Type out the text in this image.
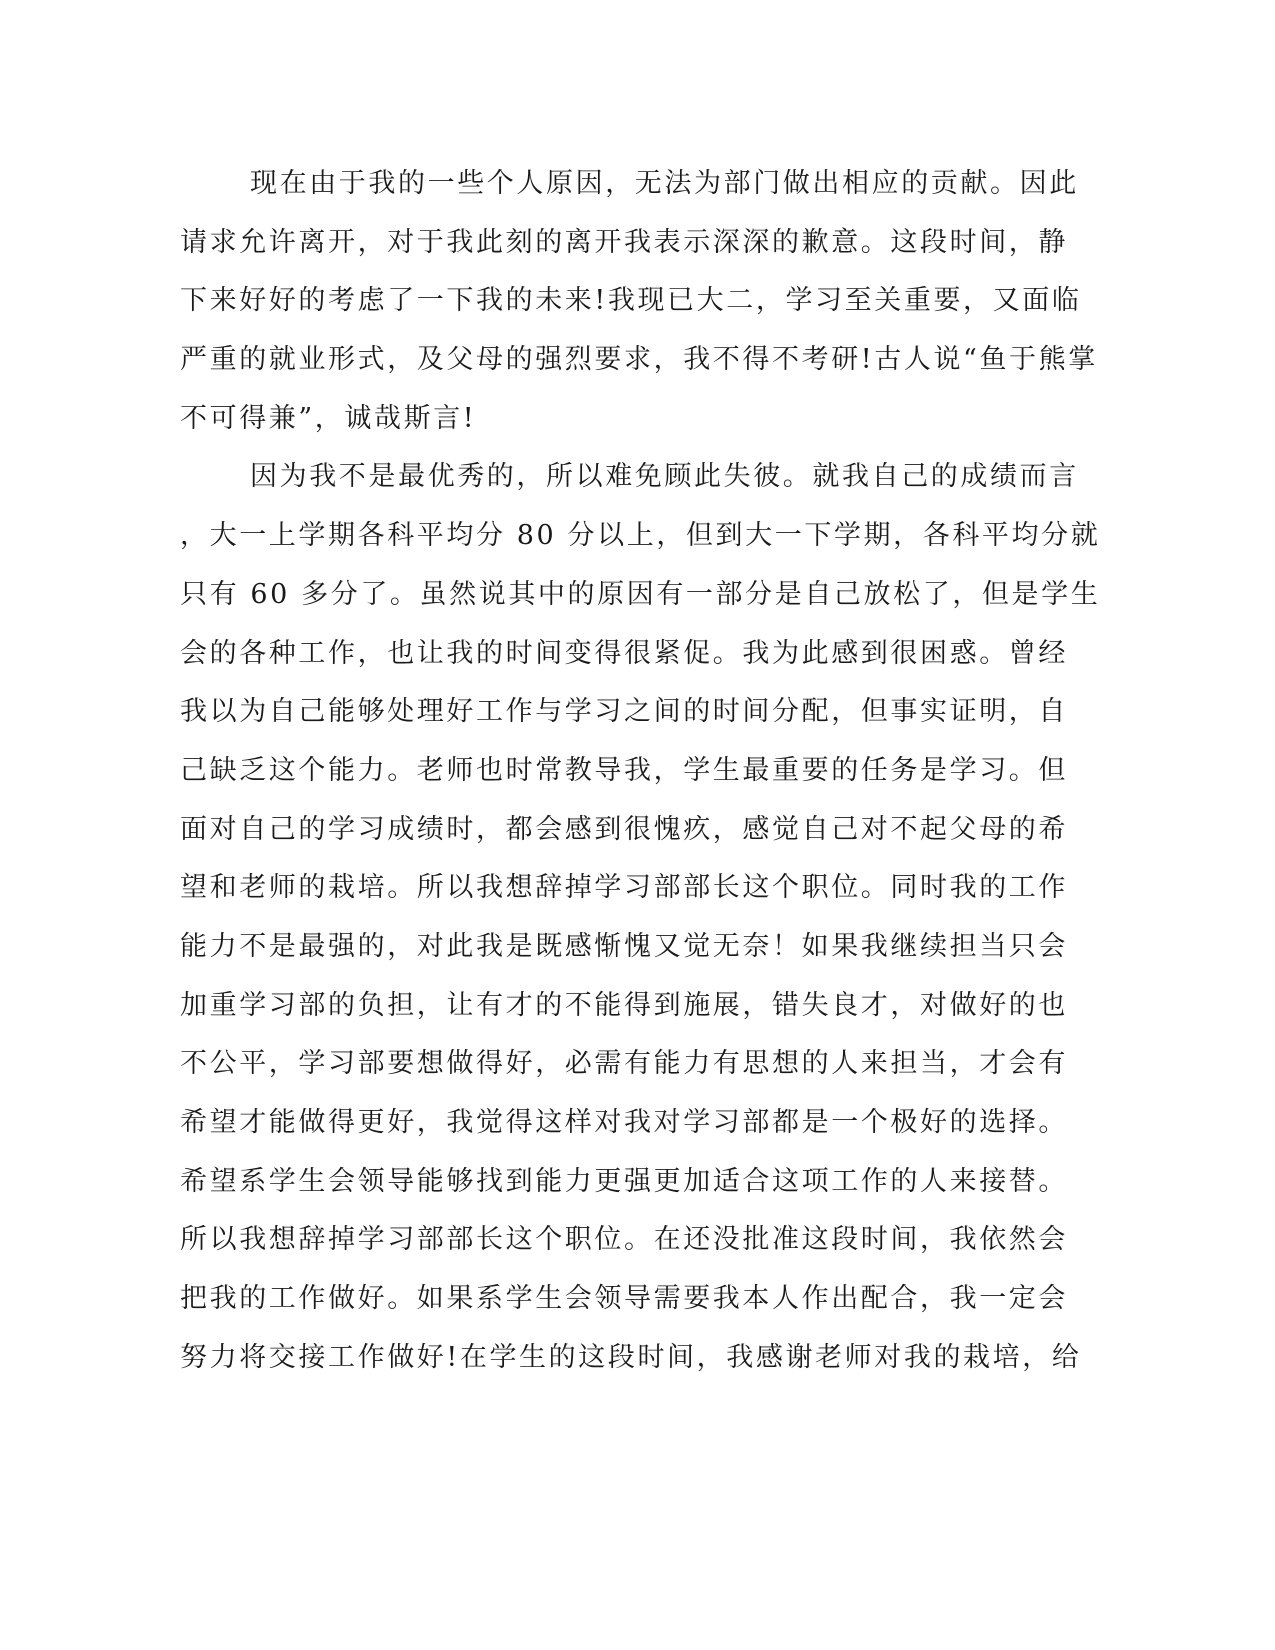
现在由于我的一些个人原因，无法为部门做出相应的贡献。因此
请求允许离开，对于我此刻的离开我表示深深的歉意。这段时间，静
下来好好的考虑了一下我的未来!我现已大二，学习至关重要，又面临
严重的就业形式，及父母的强烈要求，我不得不考研!古人说“鱼于熊掌
不可得兼”，诚哉斯言!
因为我不是最优秀的，所以难免顾此失彼。就我自己的成绩而言
，大一上学期各科平均分 80 分以上，但到大一下学期，各科平均分就
只有 60 多分了。虽然说其中的原因有一部分是自己放松了，但是学生
会的各种工作，也让我的时间变得很紧促。我为此感到很困惑。曾经
我以为自己能够处理好工作与学习之间的时间分配，但事实证明，自
己缺乏这个能力。老师也时常教导我，学生最重要的任务是学习。但
面对自己的学习成绩时，都会感到很愧疚，感觉自己对不起父母的希
望和老师的栽培。所以我想辞掉学习部部长这个职位。同时我的工作
能力不是最强的，对此我是既感惭愧又觉无奈！如果我继续担当只会
加重学习部的负担，让有才的不能得到施展，错失良才，对做好的也
不公平，学习部要想做得好，必需有能力有思想的人来担当，才会有
希望才能做得更好，我觉得这样对我对学习部都是一个极好的选择。
希望系学生会领导能够找到能力更强更加适合这项工作的人来接替。
所以我想辞掉学习部部长这个职位。在还没批准这段时间，我依然会
把我的工作做好。如果系学生会领导需要我本人作出配合，我一定会
努力将交接工作做好!在学生的这段时间，我感谢老师对我的栽培，给
